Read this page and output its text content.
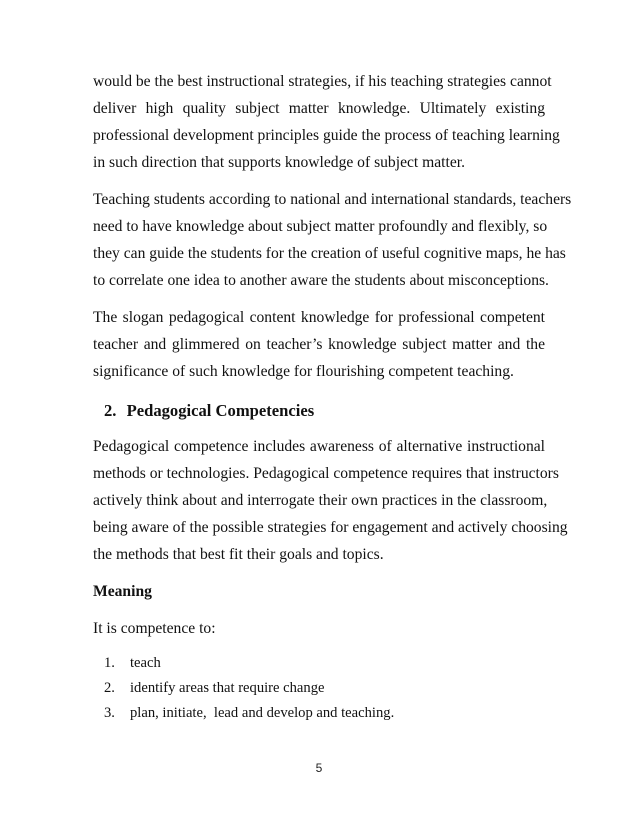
would be the best instructional strategies, if his teaching strategies cannot
deliver high quality subject matter knowledge. Ultimately existing
professional development principles guide the process of teaching learning
in such direction that supports knowledge of subject matter.

Teaching students according to national and international standards, teachers
need to have knowledge about subject matter profoundly and flexibly, so
they can guide the students for the creation of useful cognitive maps, he has
to correlate one idea to another aware the students about misconceptions.

The slogan pedagogical content knowledge for professional competent
teacher and glimmered on teacher’s knowledge subject matter and the
significance of such knowledge for flourishing competent teaching.

2. Pedagogical Competencies

Pedagogical competence includes awareness of alternative instructional
methods or technologies. Pedagogical competence requires that instructors
actively think about and interrogate their own practices in the classroom,
being aware of the possible strategies for engagement and actively choosing
the methods that best fit their goals and topics.

Meaning
It is competence to:
1. teach
2. identify areas that require change
3. plan, initiate,  lead and develop and teaching.
5
